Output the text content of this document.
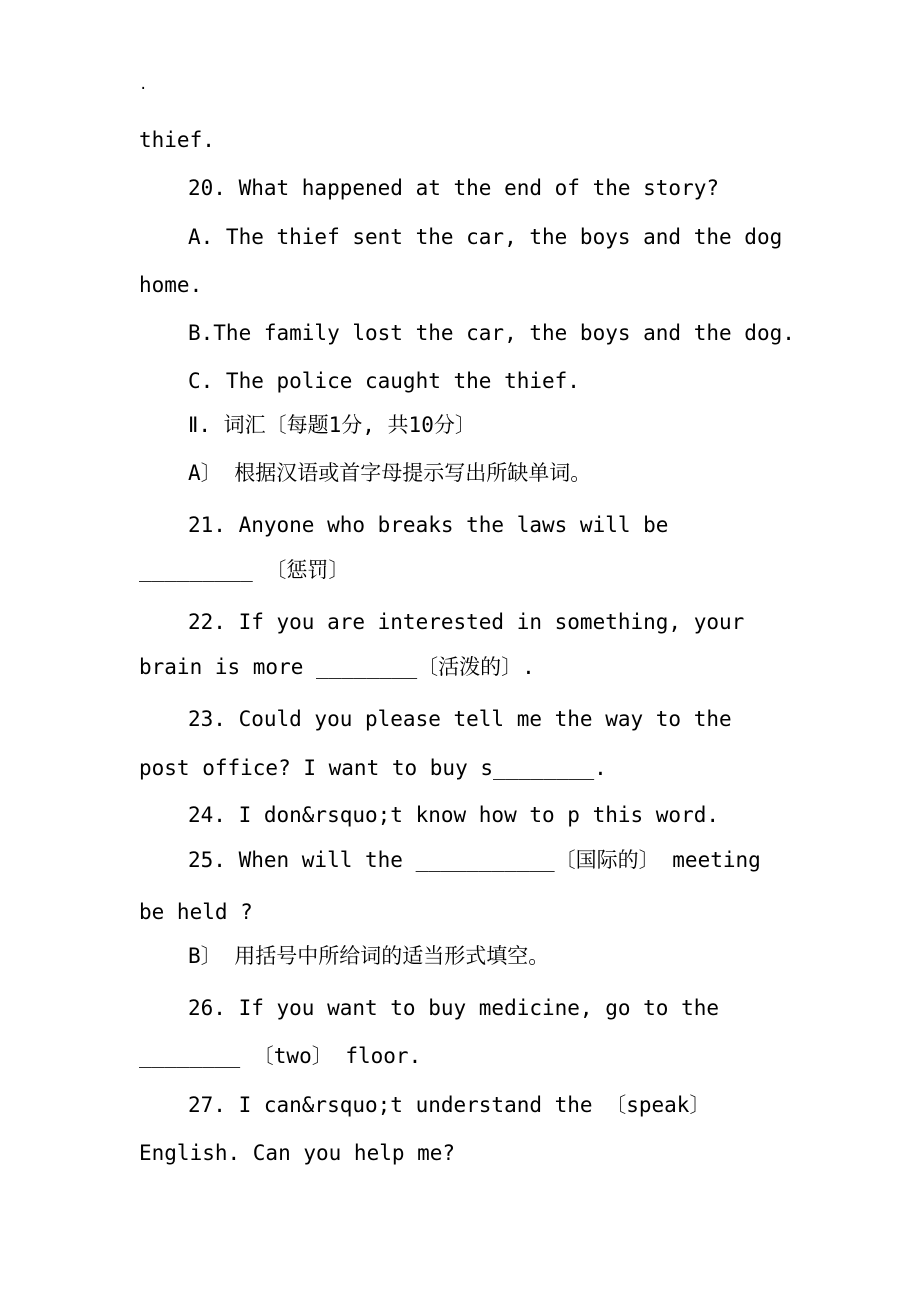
.
thief.
20. What happened at the end of the story?
A. The thief sent the car, the boys and the dog
home.
B.The family lost the car, the boys and the dog.
C. The police caught the thief.
Ⅱ. 词汇〔每题1分, 共10分〕
A〕 根据汉语或首字母提示写出所缺单词。
21. Anyone who breaks the laws will be
_________ 〔惩罚〕
22. If you are interested in something, your
brain is more ________〔活泼的〕.
23. Could you please tell me the way to the
post office? I want to buy s________.
24. I don&rsquo;t know how to p this word.
25. When will the ___________〔国际的〕 meeting
be held ?
B〕 用括号中所给词的适当形式填空。
26. If you want to buy medicine, go to the
________ 〔two〕 floor.
27. I can&rsquo;t understand the 〔speak〕
English. Can you help me?
